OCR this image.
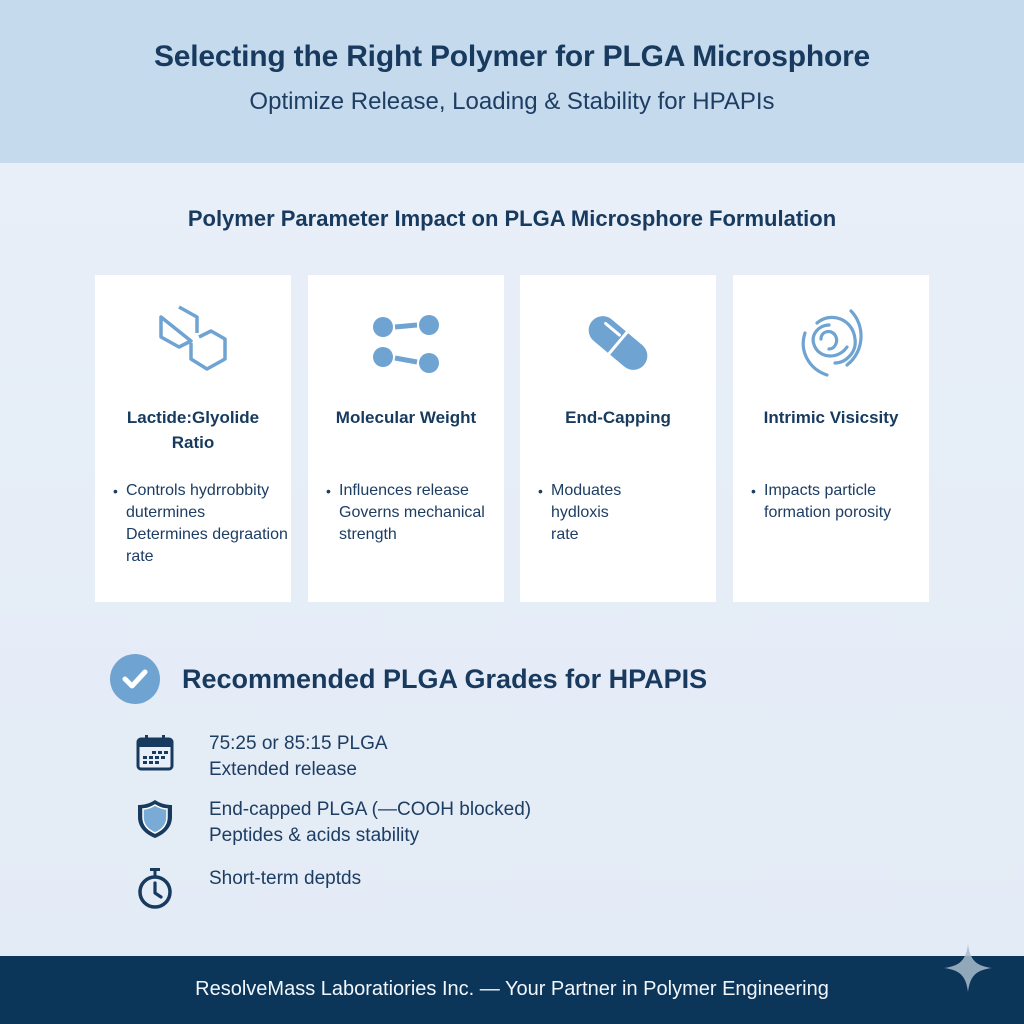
Selecting the Right Polymer for PLGA Microsphore
Optimize Release, Loading & Stability for HPAPIs
Polymer Parameter Impact on PLGA Microsphore Formulation
Lactide:Glyolide
Ratio
• Controls hydrrobbity
dutermines
Determines degraation
rate
Molecular Weight
• Influences release
Governs mechanical
strength
End-Capping
• Moduates
hydloxis
rate
Intrimic Visicsity
• Impacts particle
formation porosity
Recommended PLGA Grades for HPAPIS
75:25 or 85:15 PLGA
Extended release
End-capped PLGA (—COOH blocked)
Peptides & acids stability
Short-term deptds
ResolveMass Laboratiories Inc. — Your Partner in Polymer Engineering
